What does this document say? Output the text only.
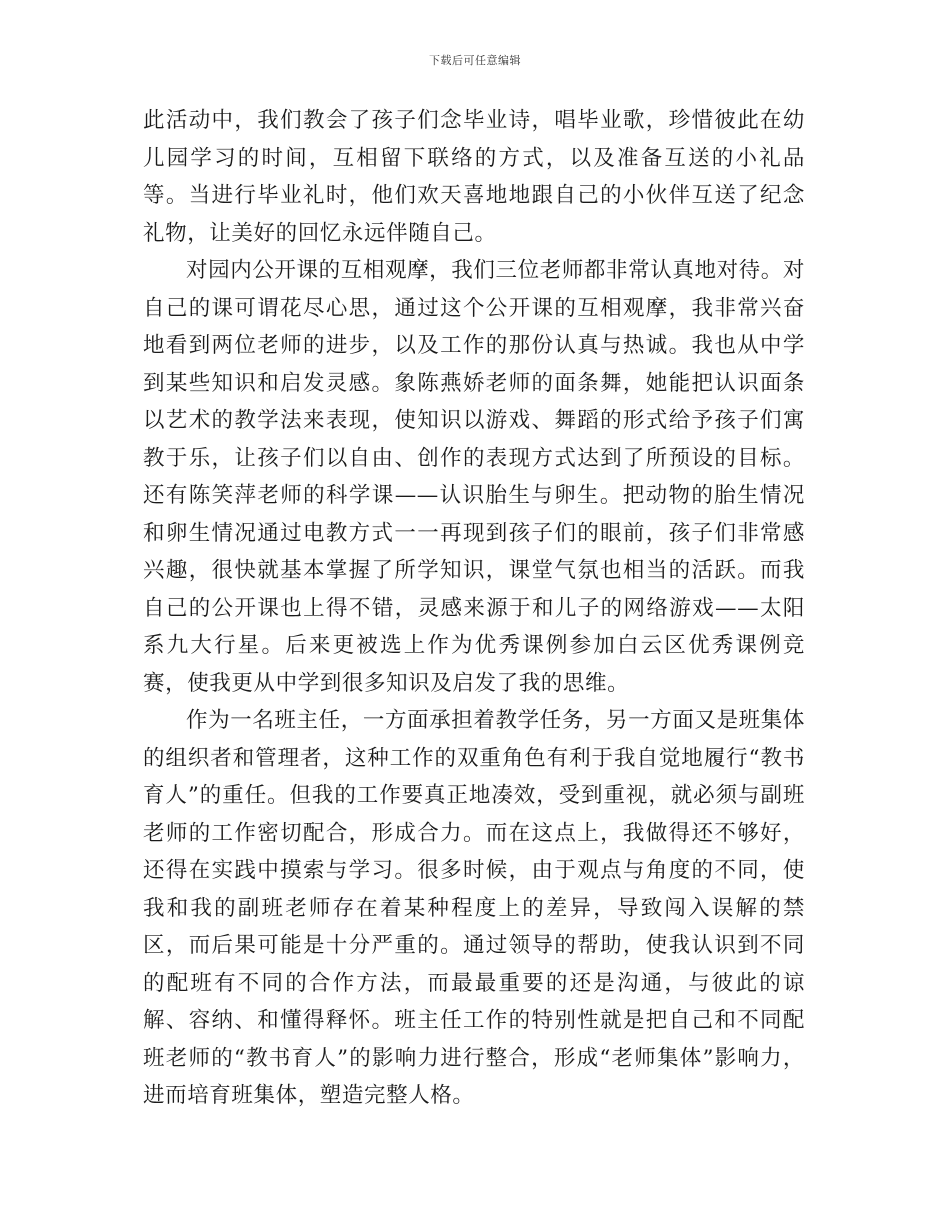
下载后可任意编辑

此活动中，我们教会了孩子们念毕业诗，唱毕业歌，珍惜彼此在幼儿园学习的时间，互相留下联络的方式，以及准备互送的小礼品等。当进行毕业礼时，他们欢天喜地地跟自己的小伙伴互送了纪念礼物，让美好的回忆永远伴随自己。

对园内公开课的互相观摩，我们三位老师都非常认真地对待。对自己的课可谓花尽心思，通过这个公开课的互相观摩，我非常兴奋地看到两位老师的进步，以及工作的那份认真与热诚。我也从中学到某些知识和启发灵感。象陈燕娇老师的面条舞，她能把认识面条以艺术的教学法来表现，使知识以游戏、舞蹈的形式给予孩子们寓教于乐，让孩子们以自由、创作的表现方式达到了所预设的目标。还有陈笑萍老师的科学课——认识胎生与卵生。把动物的胎生情况和卵生情况通过电教方式一一再现到孩子们的眼前，孩子们非常感兴趣，很快就基本掌握了所学知识，课堂气氛也相当的活跃。而我自己的公开课也上得不错，灵感来源于和儿子的网络游戏——太阳系九大行星。后来更被选上作为优秀课例参加白云区优秀课例竞赛，使我更从中学到很多知识及启发了我的思维。

作为一名班主任，一方面承担着教学任务，另一方面又是班集体的组织者和管理者，这种工作的双重角色有利于我自觉地履行“教书育人”的重任。但我的工作要真正地凑效，受到重视，就必须与副班老师的工作密切配合，形成合力。而在这点上，我做得还不够好，还得在实践中摸索与学习。很多时候，由于观点与角度的不同，使我和我的副班老师存在着某种程度上的差异，导致闯入误解的禁区，而后果可能是十分严重的。通过领导的帮助，使我认识到不同的配班有不同的合作方法，而最最重要的还是沟通，与彼此的谅解、容纳、和懂得释怀。班主任工作的特别性就是把自己和不同配班老师的“教书育人”的影响力进行整合，形成“老师集体”影响力，进而培育班集体，塑造完整人格。
